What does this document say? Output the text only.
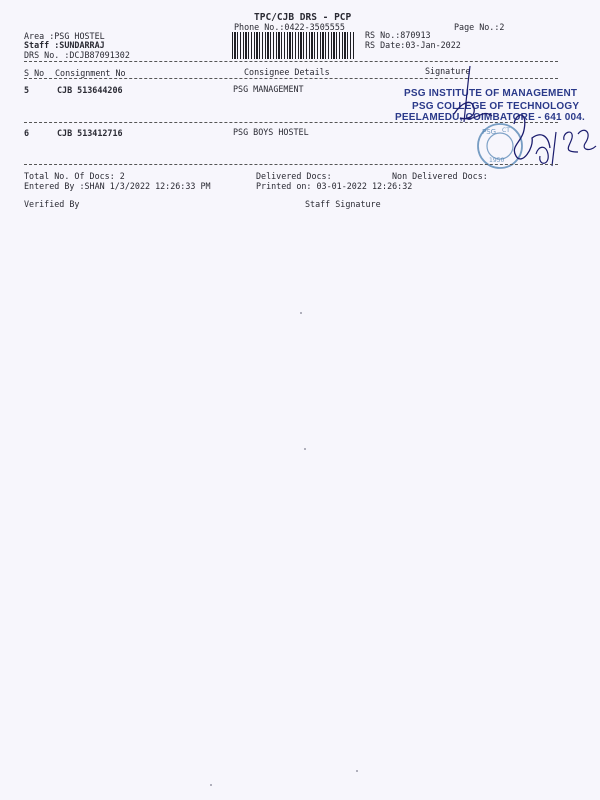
TPC/CJB DRS - PCP
Phone No.:0422-3505555	Page No.:2
Area :PSG HOSTEL
Staff :SUNDARRAJ
DRS No. :DCJB87091302
RS No.:870913
RS Date:03-Jan-2022
S No Consignment No	Consignee Details	Signature
5	CJB 513644206	PSG MANAGEMENT
6	CJB 513412716	PSG BOYS HOSTEL
PSG INSTITUTE OF MANAGEMENT
PSG COLLEGE OF TECHNOLOGY
PEELAMEDU, COIMBATORE - 641 004.
PSG CT
1950
Total No. Of Docs: 2
Entered By :SHAN 1/3/2022 12:26:33 PM
Delivered Docs:
Printed on: 03-01-2022 12:26:32
Non Delivered Docs:
Verified By	Staff Signature
